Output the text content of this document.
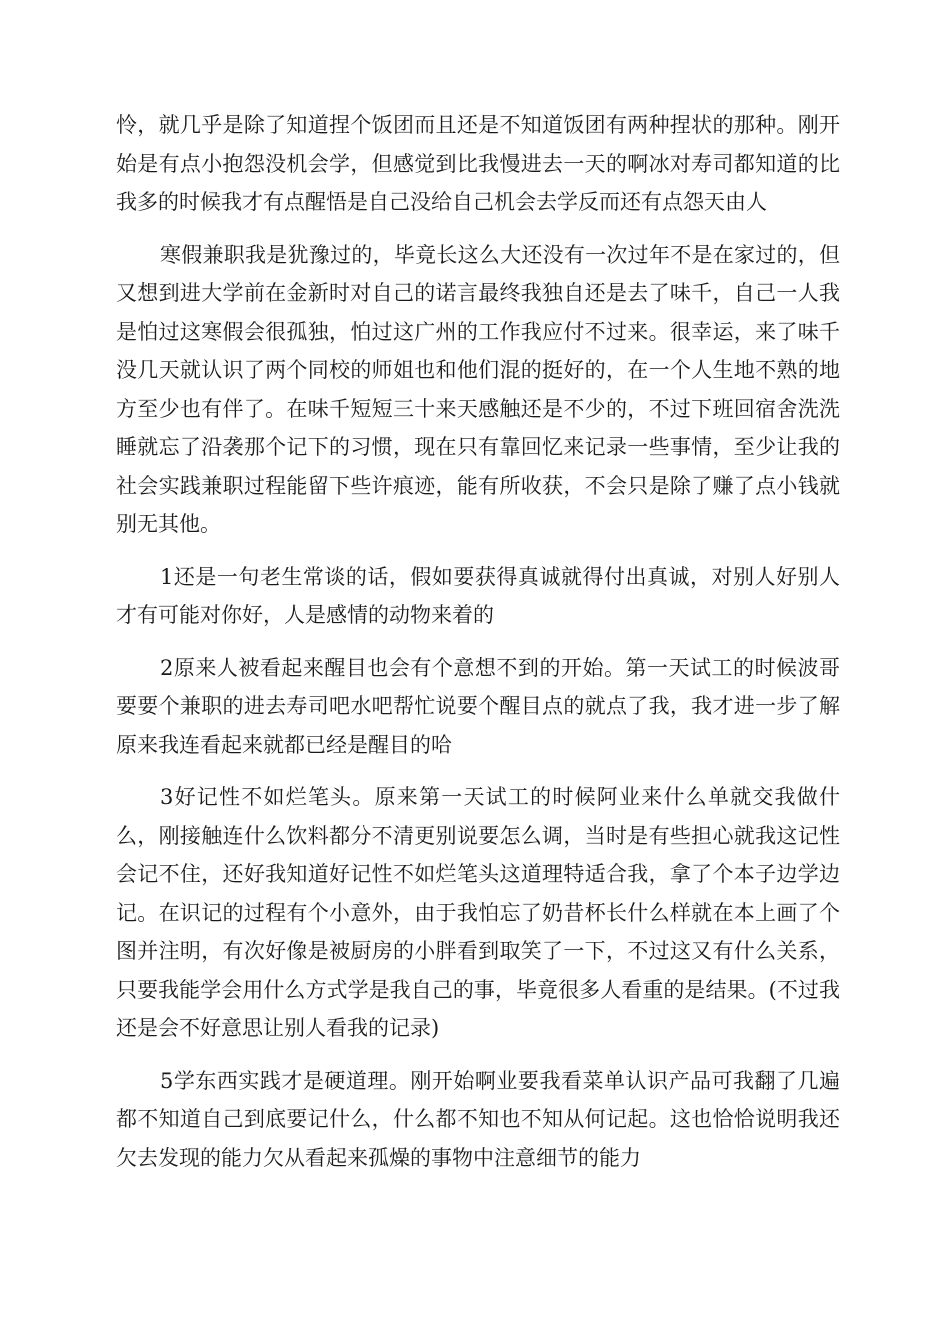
怜，就几乎是除了知道捏个饭团而且还是不知道饭团有两种捏状的那种。刚开始是有点小抱怨没机会学，但感觉到比我慢进去一天的啊冰对寿司都知道的比我多的时候我才有点醒悟是自己没给自己机会去学反而还有点怨天由人

寒假兼职我是犹豫过的，毕竟长这么大还没有一次过年不是在家过的，但又想到进大学前在金新时对自己的诺言最终我独自还是去了味千，自己一人我是怕过这寒假会很孤独，怕过这广州的工作我应付不过来。很幸运，来了味千没几天就认识了两个同校的师姐也和他们混的挺好的，在一个人生地不熟的地方至少也有伴了。在味千短短三十来天感触还是不少的，不过下班回宿舍洗洗睡就忘了沿袭那个记下的习惯，现在只有靠回忆来记录一些事情，至少让我的社会实践兼职过程能留下些许痕迹，能有所收获，不会只是除了赚了点小钱就别无其他。

1还是一句老生常谈的话，假如要获得真诚就得付出真诚，对别人好别人才有可能对你好，人是感情的动物来着的

2原来人被看起来醒目也会有个意想不到的开始。第一天试工的时候波哥要要个兼职的进去寿司吧水吧帮忙说要个醒目点的就点了我，我才进一步了解原来我连看起来就都已经是醒目的哈

3好记性不如烂笔头。原来第一天试工的时候阿业来什么单就交我做什么，刚接触连什么饮料都分不清更别说要怎么调，当时是有些担心就我这记性会记不住，还好我知道好记性不如烂笔头这道理特适合我，拿了个本子边学边记。在识记的过程有个小意外，由于我怕忘了奶昔杯长什么样就在本上画了个图并注明，有次好像是被厨房的小胖看到取笑了一下，不过这又有什么关系，只要我能学会用什么方式学是我自己的事，毕竟很多人看重的是结果。(不过我还是会不好意思让别人看我的记录)

5学东西实践才是硬道理。刚开始啊业要我看菜单认识产品可我翻了几遍都不知道自己到底要记什么，什么都不知也不知从何记起。这也恰恰说明我还欠去发现的能力欠从看起来孤燥的事物中注意细节的能力
